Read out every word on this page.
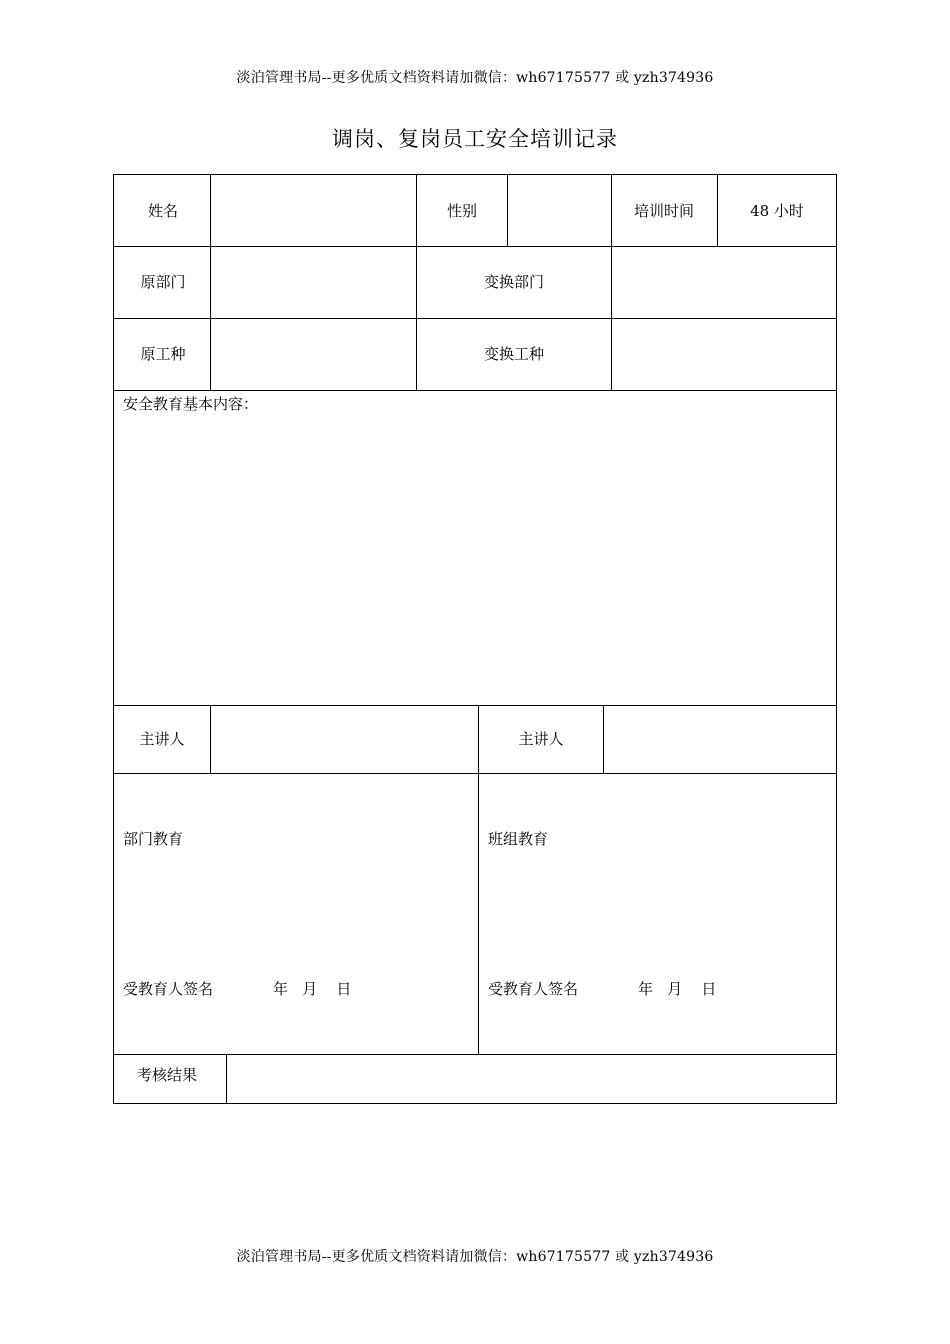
淡泊管理书局--更多优质文档资料请加微信：wh67175577 或 yzh374936
调岗、复岗员工安全培训记录
姓名	性别	培训时间	48 小时
原部门	变换部门
原工种	变换工种
安全教育基本内容：
主讲人	主讲人
部门教育	班组教育
受教育人签名	年   月    日	受教育人签名	年   月    日
考核结果
淡泊管理书局--更多优质文档资料请加微信：wh67175577 或 yzh374936
